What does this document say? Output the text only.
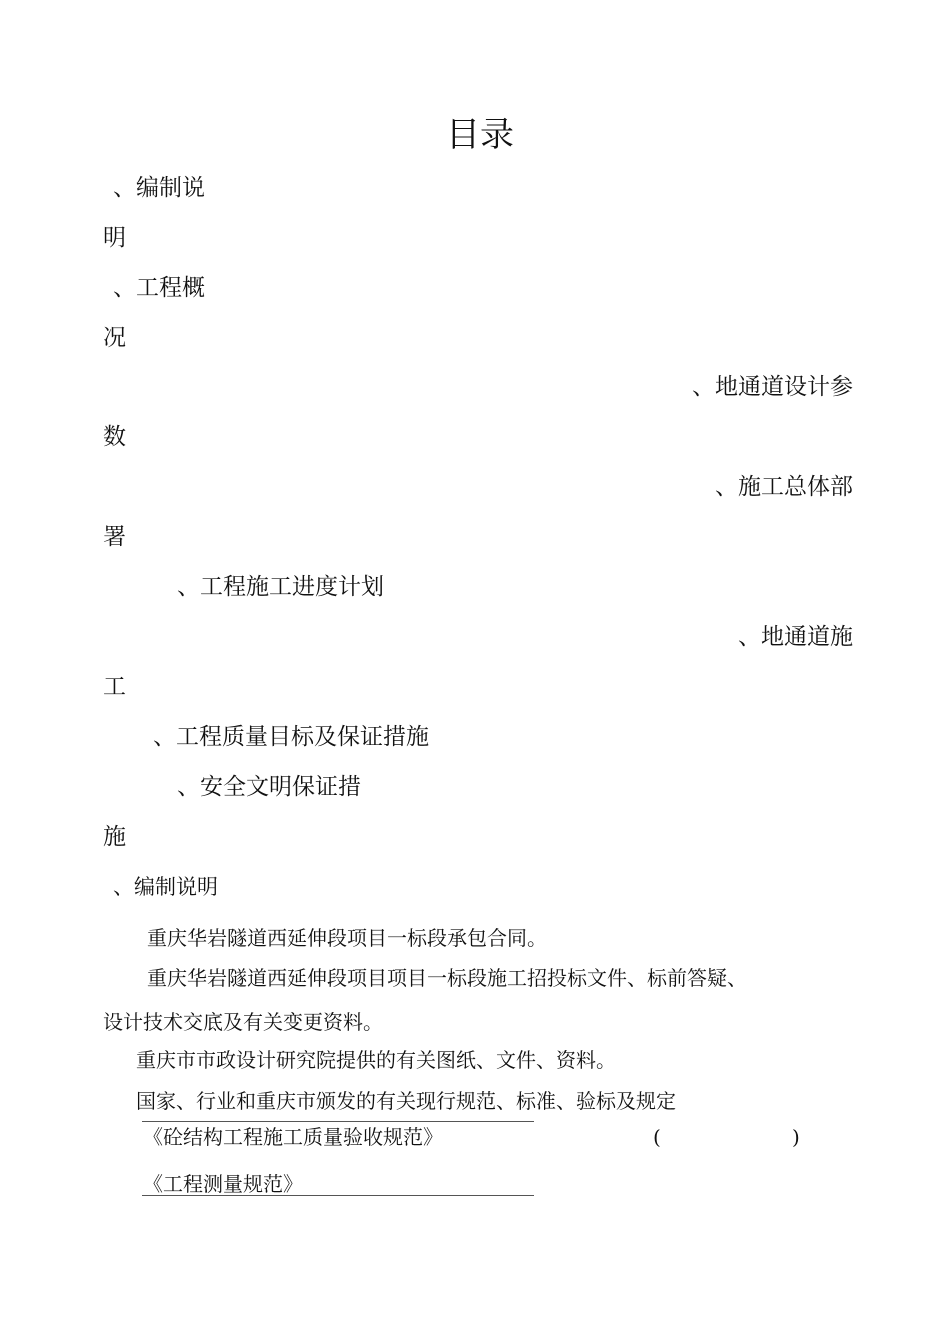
目录
、编制说
明
、工程概
况
、地通道设计参
数
、施工总体部
署
、工程施工进度计划
、地通道施
工
、工程质量目标及保证措施
、安全文明保证措
施
、编制说明
重庆华岩隧道西延伸段项目一标段承包合同。
重庆华岩隧道西延伸段项目项目一标段施工招投标文件、标前答疑、
设计技术交底及有关变更资料。
重庆市市政设计研究院提供的有关图纸、文件、资料。
国家、行业和重庆市颁发的有关现行规范、标准、验标及规定
《砼结构工程施工质量验收规范》	(	)
《工程测量规范》
